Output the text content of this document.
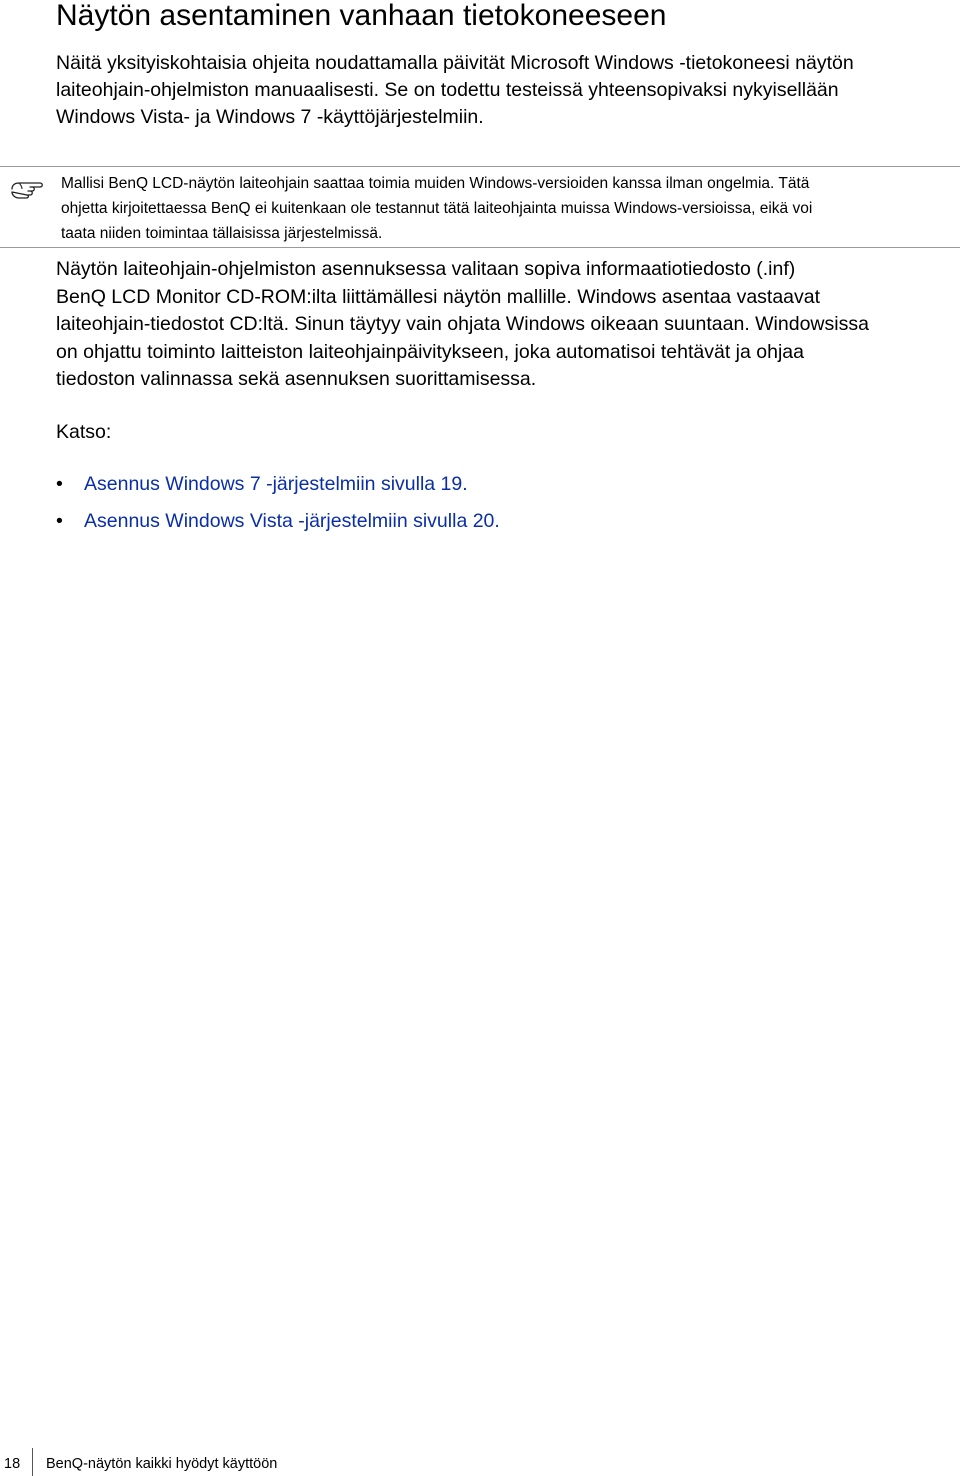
Näytön asentaminen vanhaan tietokoneeseen

Näitä yksityiskohtaisia ohjeita noudattamalla päivität Microsoft Windows -tietokoneesi näytön
laiteohjain-ohjelmiston manuaalisesti. Se on todettu testeissä yhteensopivaksi nykyisellään
Windows Vista- ja Windows 7 -käyttöjärjestelmiin.

Mallisi BenQ LCD-näytön laiteohjain saattaa toimia muiden Windows-versioiden kanssa ilman ongelmia. Tätä
ohjetta kirjoitettaessa BenQ ei kuitenkaan ole testannut tätä laiteohjainta muissa Windows-versioissa, eikä voi
taata niiden toimintaa tällaisissa järjestelmissä.

Näytön laiteohjain-ohjelmiston asennuksessa valitaan sopiva informaatiotiedosto (.inf)
BenQ LCD Monitor CD-ROM:ilta liittämällesi näytön mallille. Windows asentaa vastaavat
laiteohjain-tiedostot CD:ltä. Sinun täytyy vain ohjata Windows oikeaan suuntaan. Windowsissa
on ohjattu toiminto laitteiston laiteohjainpäivitykseen, joka automatisoi tehtävät ja ohjaa
tiedoston valinnassa sekä asennuksen suorittamisessa.

Katso:

• Asennus Windows 7 -järjestelmiin sivulla 19.
• Asennus Windows Vista -järjestelmiin sivulla 20.
18 BenQ-näytön kaikki hyödyt käyttöön
